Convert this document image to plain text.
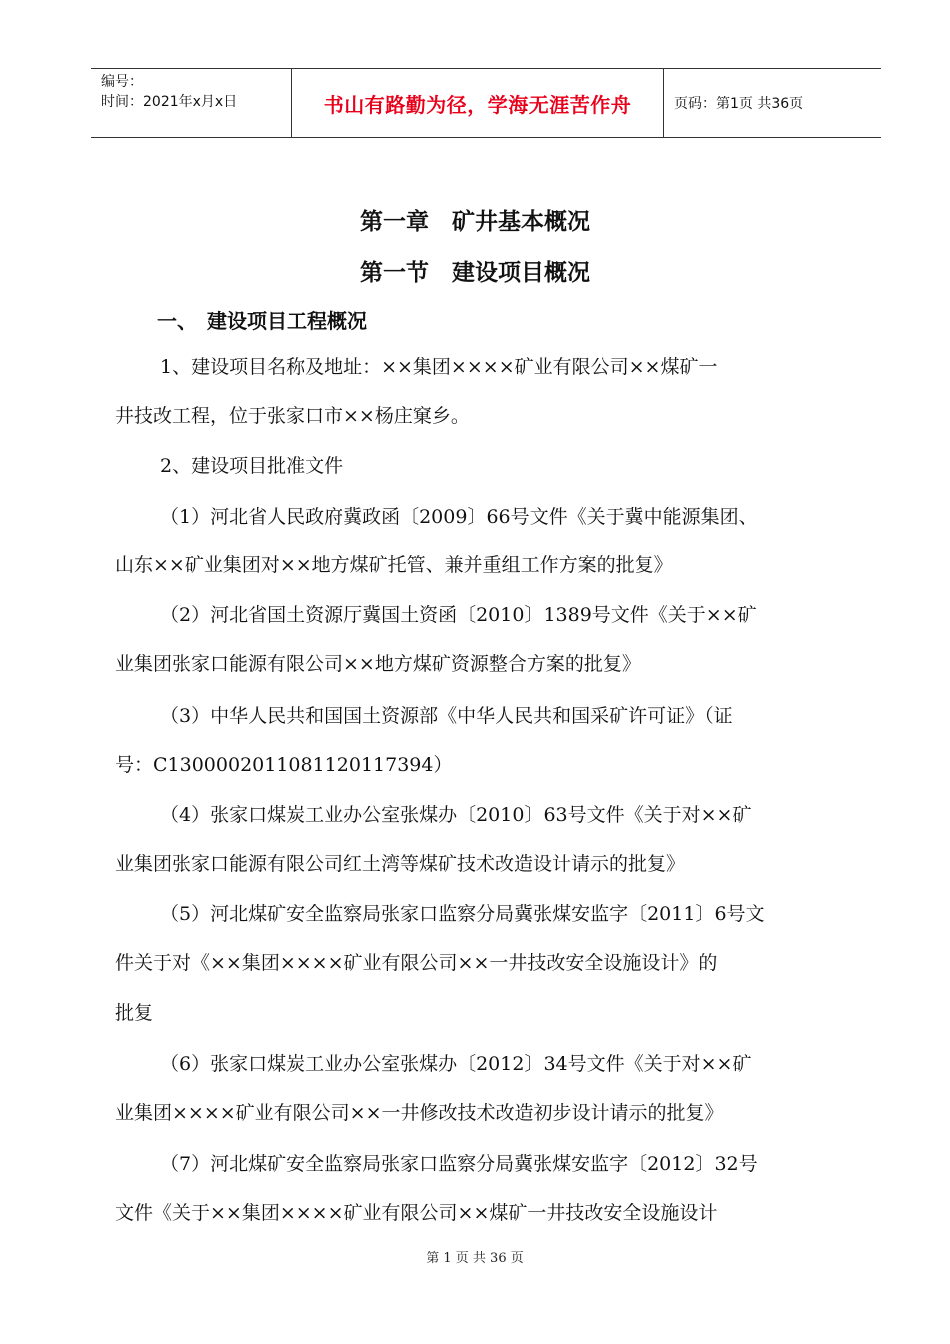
编号：
时间：2021年x月x日	书山有路勤为径，学海无涯苦作舟	页码：第1页 共36页
第一章　矿井基本概况
第一节　建设项目概况
一、　建设项目工程概况
1、建设项目名称及地址：××集团××××矿业有限公司××煤矿一
井技改工程，位于张家口市××杨庄窠乡。
2、建设项目批准文件
（1）河北省人民政府冀政函〔2009〕66号文件《关于冀中能源集团、
山东××矿业集团对××地方煤矿托管、兼并重组工作方案的批复》
（2）河北省国土资源厅冀国土资函〔2010〕1389号文件《关于××矿
业集团张家口能源有限公司××地方煤矿资源整合方案的批复》
（3）中华人民共和国国土资源部《中华人民共和国采矿许可证》（证
号：C1300002011081120117394）
（4）张家口煤炭工业办公室张煤办〔2010〕63号文件《关于对××矿
业集团张家口能源有限公司红土湾等煤矿技术改造设计请示的批复》
（5）河北煤矿安全监察局张家口监察分局冀张煤安监字〔2011〕6号文
件关于对《××集团××××矿业有限公司××一井技改安全设施设计》的
批复
（6）张家口煤炭工业办公室张煤办〔2012〕34号文件《关于对××矿
业集团××××矿业有限公司××一井修改技术改造初步设计请示的批复》
（7）河北煤矿安全监察局张家口监察分局冀张煤安监字〔2012〕32号
文件《关于××集团××××矿业有限公司××煤矿一井技改安全设施设计
第 1 页 共 36 页
